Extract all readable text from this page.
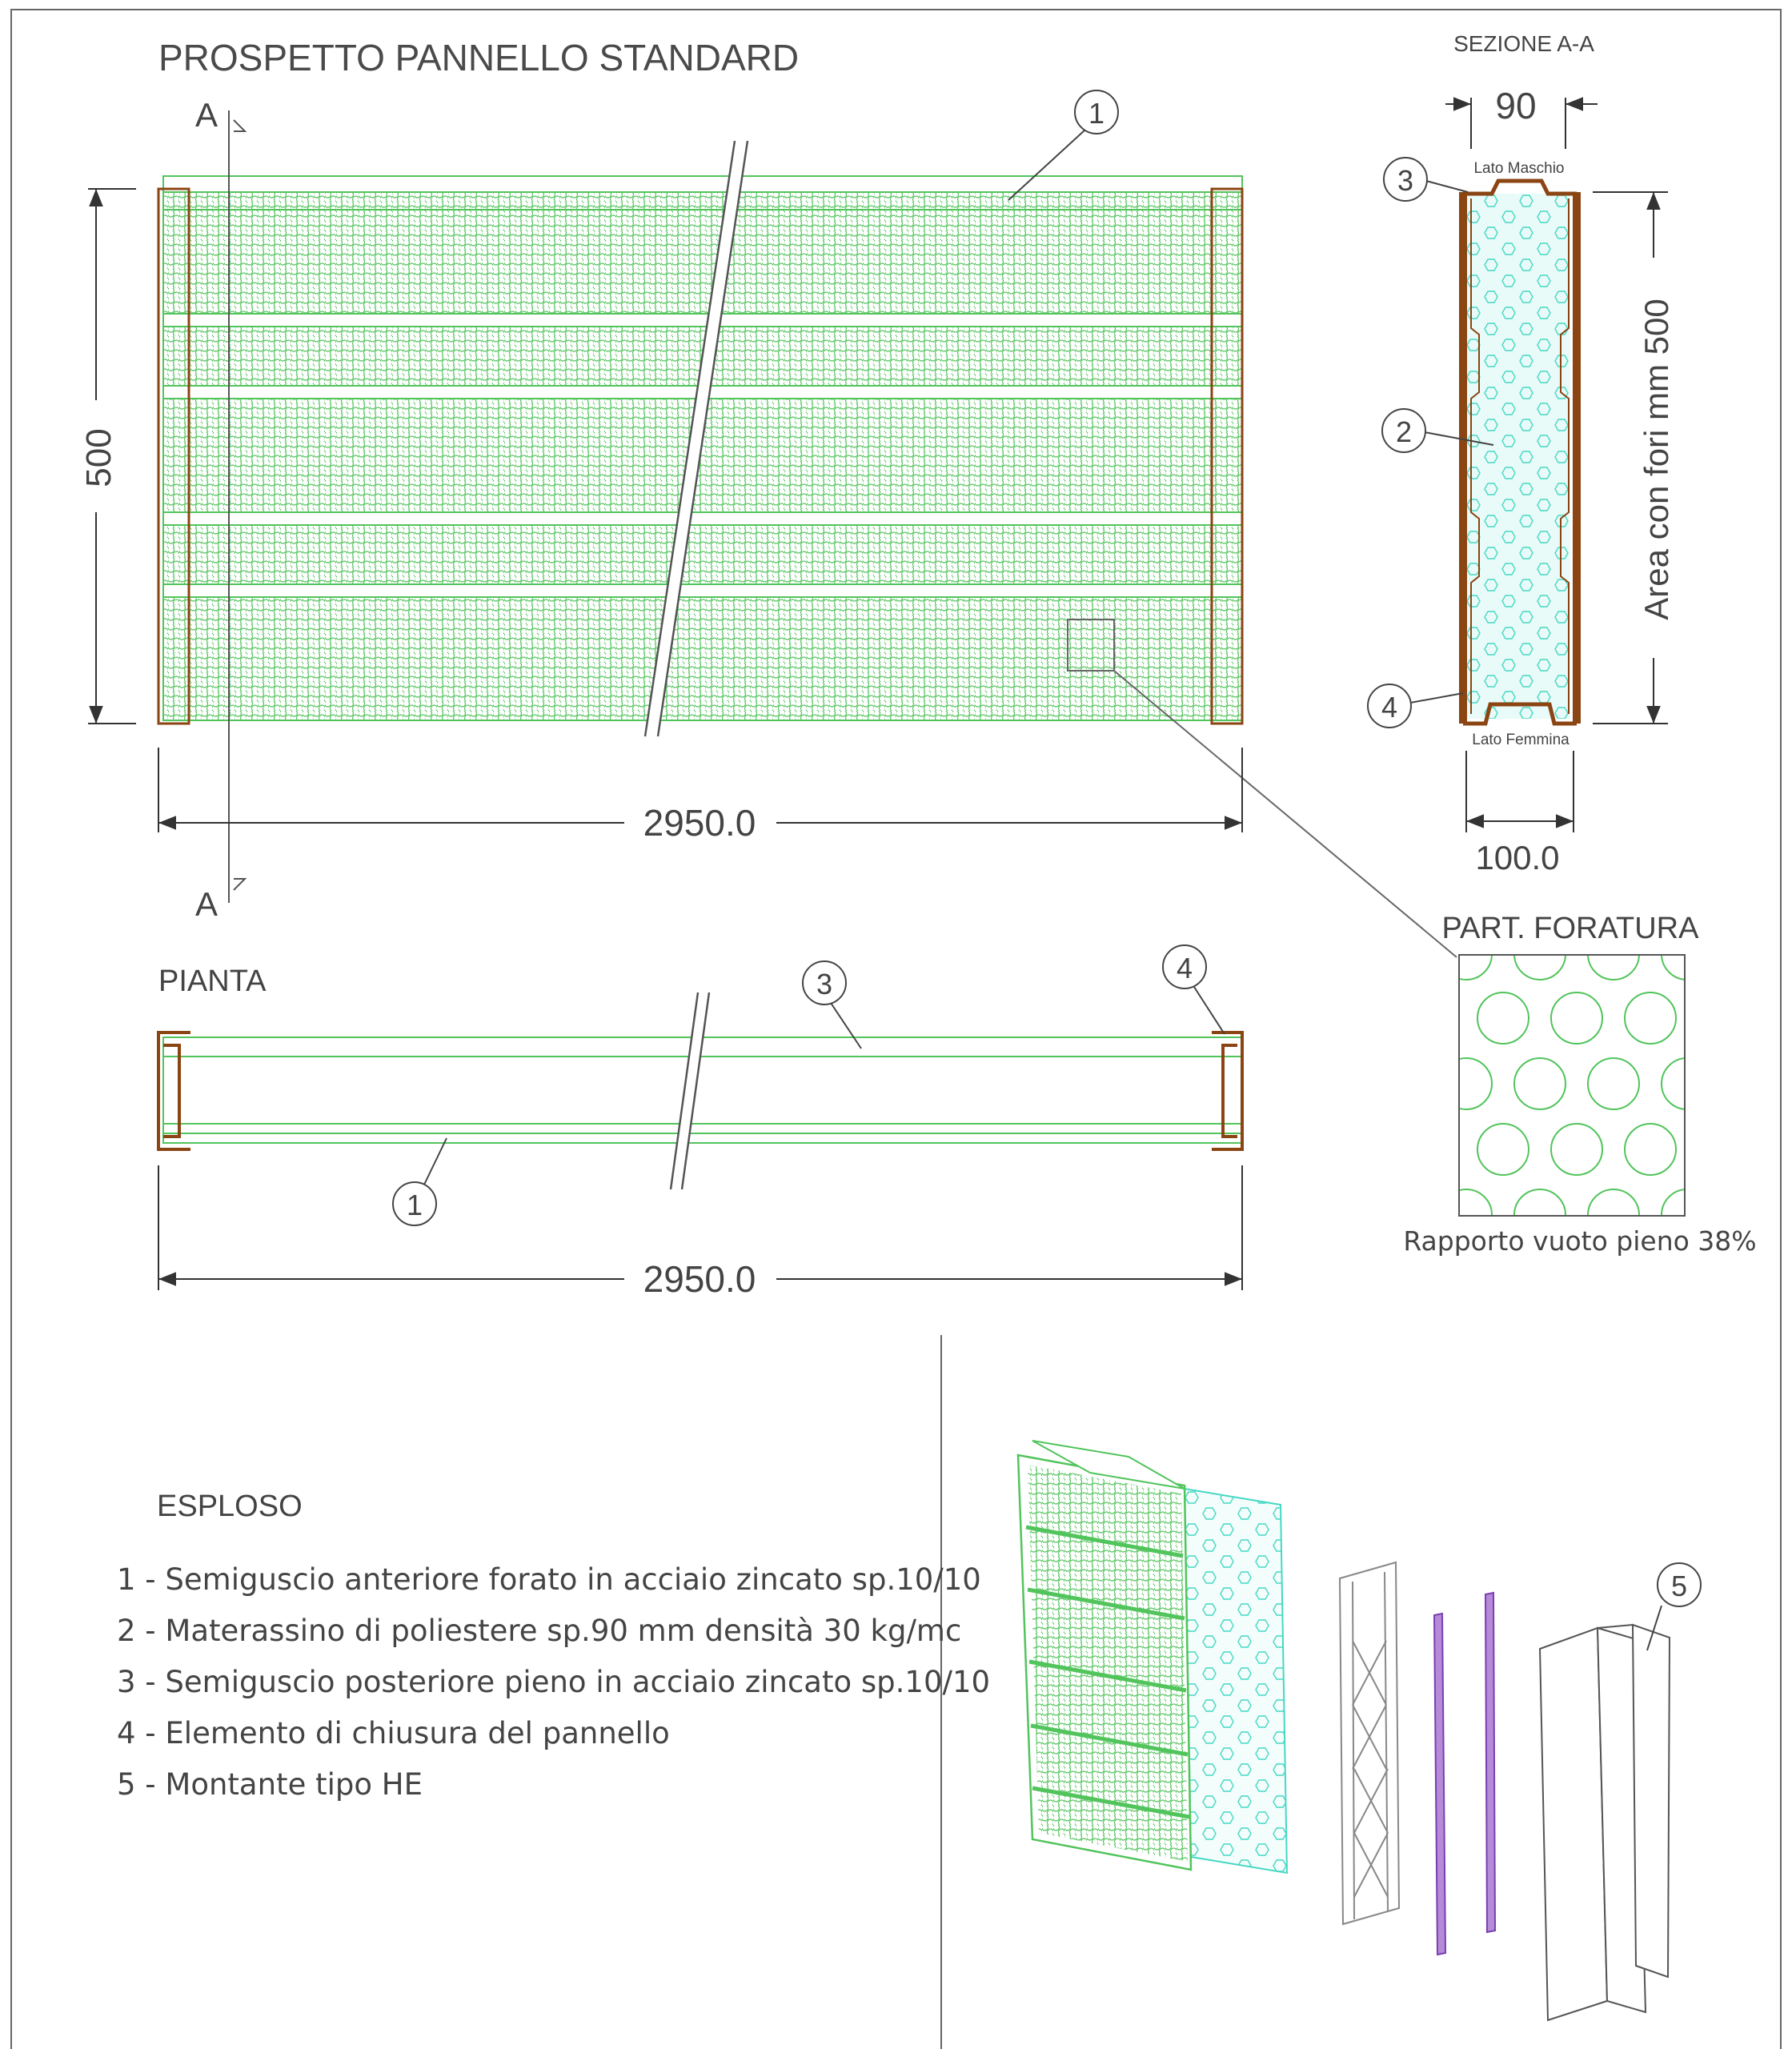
PROSPETTO PANNELLO STANDARD
A
A
500
2950.0
1
SEZIONE A-A
90
Lato Maschio
Lato Femmina
Area con fori mm 500
100.0
3
2
4
PART. FORATURA
Rapporto vuoto pieno 38%
PIANTA	3	4
1
2950.0
ESPLOSO
1 - Semiguscio anteriore forato in acciaio zincato sp.10/10
2 - Materassino di poliestere sp.90 mm densità 30 kg/mc
3 - Semiguscio posteriore pieno in acciaio zincato sp.10/10
4 - Elemento di chiusura del pannello
5 - Montante tipo HE
5
